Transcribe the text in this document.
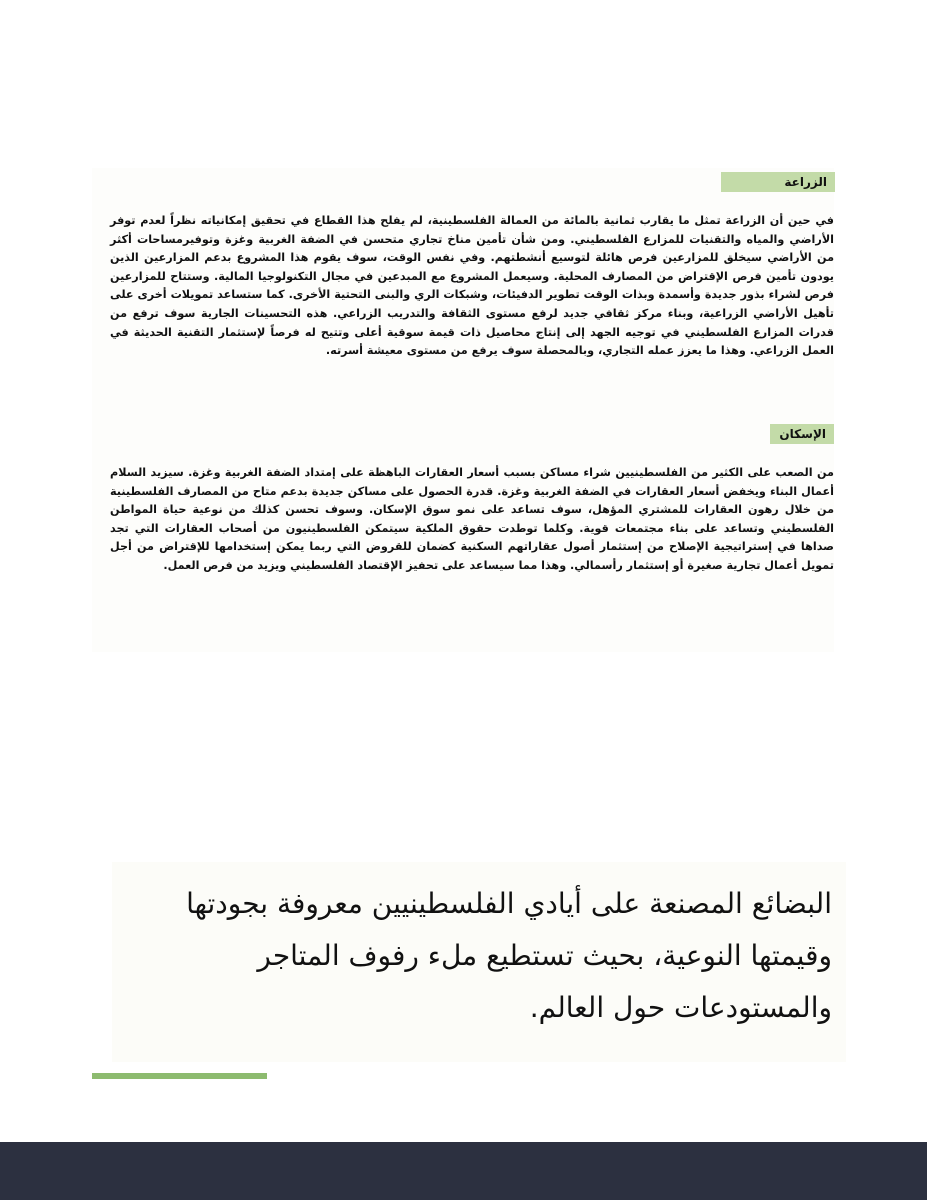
الزراعة

في حين أن الزراعة تمثل ما يقارب ثمانية بالمائة من العمالة الفلسطينية، لم يفلح هذا القطاع في تحقيق إمكانياته نظراً لعدم توفر الأراضي والمياه والتقنيات للمزارع الفلسطيني. ومن شأن تأمين مناخ تجاري متحسن في الضفة الغربية وغزة وتوفيرمساحات أكثر من الأراضي سيخلق للمزارعين فرص هائلة لتوسيع أنشطتهم. وفي نفس الوقت، سوف يقوم هذا المشروع بدعم المزارعين الذين يودون تأمين فرص الإقتراض من المصارف المحلية. وسيعمل المشروع مع المبدعين في مجال التكنولوجيا المالية. وستتاح للمزارعين فرص لشراء بذور جديدة وأسمدة وبذات الوقت تطوير الدفيئات، وشبكات الري والبنى التحتية الأخرى. كما ستساعد تمويلات أخرى على تأهيل الأراضي الزراعية، وبناء مركز ثقافي جديد لرفع مستوى الثقافة والتدريب الزراعي. هذه التحسينات الجارية سوف ترفع من قدرات المزارع الفلسطيني في توجيه الجهد إلى إنتاج محاصيل ذات قيمة سوقية أعلى وتتيح له فرصاً لإستثمار التقنية الحديثة في العمل الزراعي. وهذا ما يعزز عمله التجاري، وبالمحصلة سوف يرفع من مستوى معيشة أسرته.

الإسكان

من الصعب على الكثير من الفلسطينيين شراء مساكن بسبب أسعار العقارات الباهظة على إمتداد الضفة الغربية وغزة. سيزيد السلام أعمال البناء ويخفض أسعار العقارات في الضفة الغربية وغزة. قدرة الحصول على مساكن جديدة بدعم متاح من المصارف الفلسطينية من خلال رهون العقارات للمشتري المؤهل، سوف تساعد على نمو سوق الإسكان. وسوف تحسن كذلك من نوعية حياة المواطن الفلسطيني وتساعد على بناء مجتمعات قوية. وكلما توطدت حقوق الملكية سيتمكن الفلسطينيون من أصحاب العقارات التي تجد صداها في إستراتيجية الإصلاح من إستثمار أصول عقاراتهم السكنية كضمان للقروض التي ربما يمكن إستخدامها للإقتراض من أجل تمويل أعمال تجارية صغيرة أو إستثمار رأسمالي. وهذا مما سيساعد على تحفيز الإقتصاد الفلسطيني ويزيد من فرص العمل.

البضائع المصنعة على أيادي الفلسطينيين معروفة بجودتها وقيمتها النوعية، بحيث تستطيع ملء رفوف المتاجر والمستودعات حول العالم.
